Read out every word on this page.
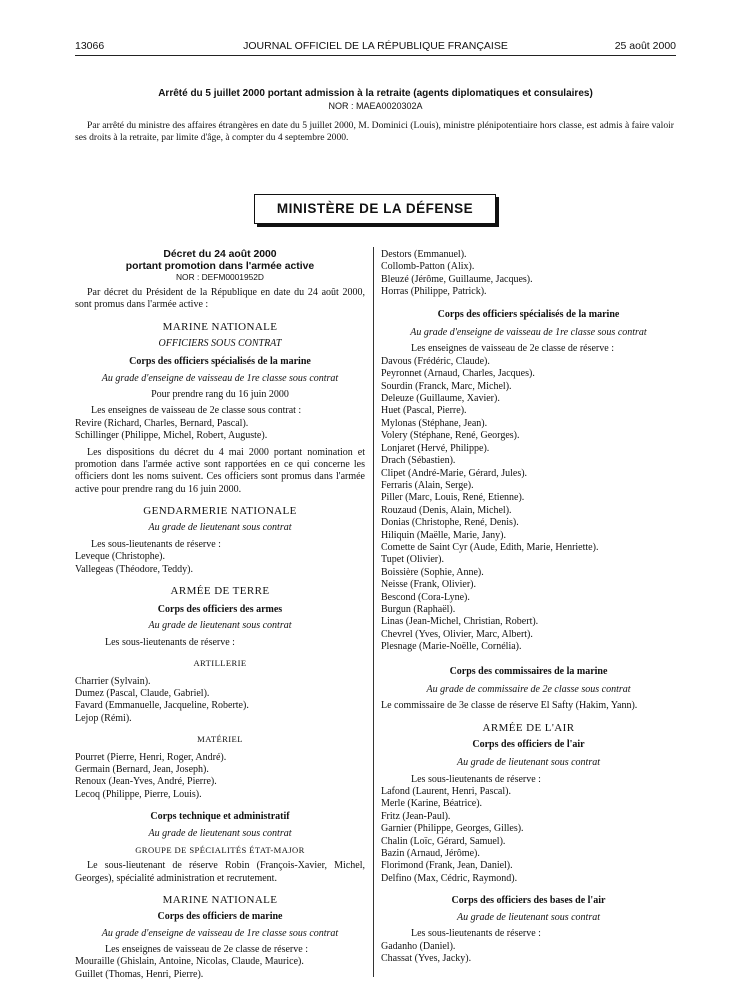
13066	JOURNAL OFFICIEL DE LA RÉPUBLIQUE FRANÇAISE	25 août 2000
Arrêté du 5 juillet 2000 portant admission à la retraite (agents diplomatiques et consulaires)
NOR : MAEA0020302A
Par arrêté du ministre des affaires étrangères en date du 5 juillet 2000, M. Dominici (Louis), ministre plénipotentiaire hors classe, est admis à faire valoir ses droits à la retraite, par limite d'âge, à compter du 4 septembre 2000.
MINISTÈRE DE LA DÉFENSE
Décret du 24 août 2000
portant promotion dans l'armée active
NOR : DEFM0001952D
Par décret du Président de la République en date du 24 août 2000, sont promus dans l'armée active :
MARINE NATIONALE
OFFICIERS SOUS CONTRAT
Corps des officiers spécialisés de la marine
Au grade d'enseigne de vaisseau de 1re classe sous contrat
Pour prendre rang du 16 juin 2000
Les enseignes de vaisseau de 2e classe sous contrat :
Revire (Richard, Charles, Bernard, Pascal).
Schillinger (Philippe, Michel, Robert, Auguste).
Les dispositions du décret du 4 mai 2000 portant nomination et promotion dans l'armée active sont rapportées en ce qui concerne les officiers dont les noms suivent. Ces officiers sont promus dans l'armée active pour prendre rang du 16 juin 2000.
GENDARMERIE NATIONALE
Au grade de lieutenant sous contrat
Les sous-lieutenants de réserve :
Leveque (Christophe).
Vallegeas (Théodore, Teddy).
ARMÉE DE TERRE
Corps des officiers des armes
Au grade de lieutenant sous contrat
Les sous-lieutenants de réserve :
ARTILLERIE
Charrier (Sylvain).
Dumez (Pascal, Claude, Gabriel).
Favard (Emmanuelle, Jacqueline, Roberte).
Lejop (Rémi).
MATÉRIEL
Pourret (Pierre, Henri, Roger, André).
Germain (Bernard, Jean, Joseph).
Renoux (Jean-Yves, André, Pierre).
Lecoq (Philippe, Pierre, Louis).
Corps technique et administratif
Au grade de lieutenant sous contrat
GROUPE DE SPÉCIALITÉS ÉTAT-MAJOR
Le sous-lieutenant de réserve Robin (François-Xavier, Michel, Georges), spécialité administration et recrutement.
MARINE NATIONALE
Corps des officiers de marine
Au grade d'enseigne de vaisseau de 1re classe sous contrat
Les enseignes de vaisseau de 2e classe de réserve :
Mouraille (Ghislain, Antoine, Nicolas, Claude, Maurice).
Guillet (Thomas, Henri, Pierre).
Destors (Emmanuel).
Collomb-Patton (Alix).
Bleuzé (Jérôme, Guillaume, Jacques).
Horras (Philippe, Patrick).
Corps des officiers spécialisés de la marine
Au grade d'enseigne de vaisseau de 1re classe sous contrat
Les enseignes de vaisseau de 2e classe de réserve :
Davous (Frédéric, Claude).
Peyronnet (Arnaud, Charles, Jacques).
Sourdin (Franck, Marc, Michel).
Deleuze (Guillaume, Xavier).
Huet (Pascal, Pierre).
Mylonas (Stéphane, Jean).
Volery (Stéphane, René, Georges).
Lonjaret (Hervé, Philippe).
Drach (Sébastien).
Clipet (André-Marie, Gérard, Jules).
Ferraris (Alain, Serge).
Piller (Marc, Louis, René, Etienne).
Rouzaud (Denis, Alain, Michel).
Donias (Christophe, René, Denis).
Hiliquin (Maëlle, Marie, Jany).
Comette de Saint Cyr (Aude, Edith, Marie, Henriette).
Tupet (Olivier).
Boissière (Sophie, Anne).
Neisse (Frank, Olivier).
Bescond (Cora-Lyne).
Burgun (Raphaël).
Linas (Jean-Michel, Christian, Robert).
Chevrel (Yves, Olivier, Marc, Albert).
Plesnage (Marie-Noëlle, Cornélia).
Corps des commissaires de la marine
Au grade de commissaire de 2e classe sous contrat
Le commissaire de 3e classe de réserve El Safty (Hakim, Yann).
ARMÉE DE L'AIR
Corps des officiers de l'air
Au grade de lieutenant sous contrat
Les sous-lieutenants de réserve :
Lafond (Laurent, Henri, Pascal).
Merle (Karine, Béatrice).
Fritz (Jean-Paul).
Garnier (Philippe, Georges, Gilles).
Chalin (Loïc, Gérard, Samuel).
Bazin (Arnaud, Jérôme).
Florimond (Frank, Jean, Daniel).
Delfino (Max, Cédric, Raymond).
Corps des officiers des bases de l'air
Au grade de lieutenant sous contrat
Les sous-lieutenants de réserve :
Gadanho (Daniel).
Chassat (Yves, Jacky).
